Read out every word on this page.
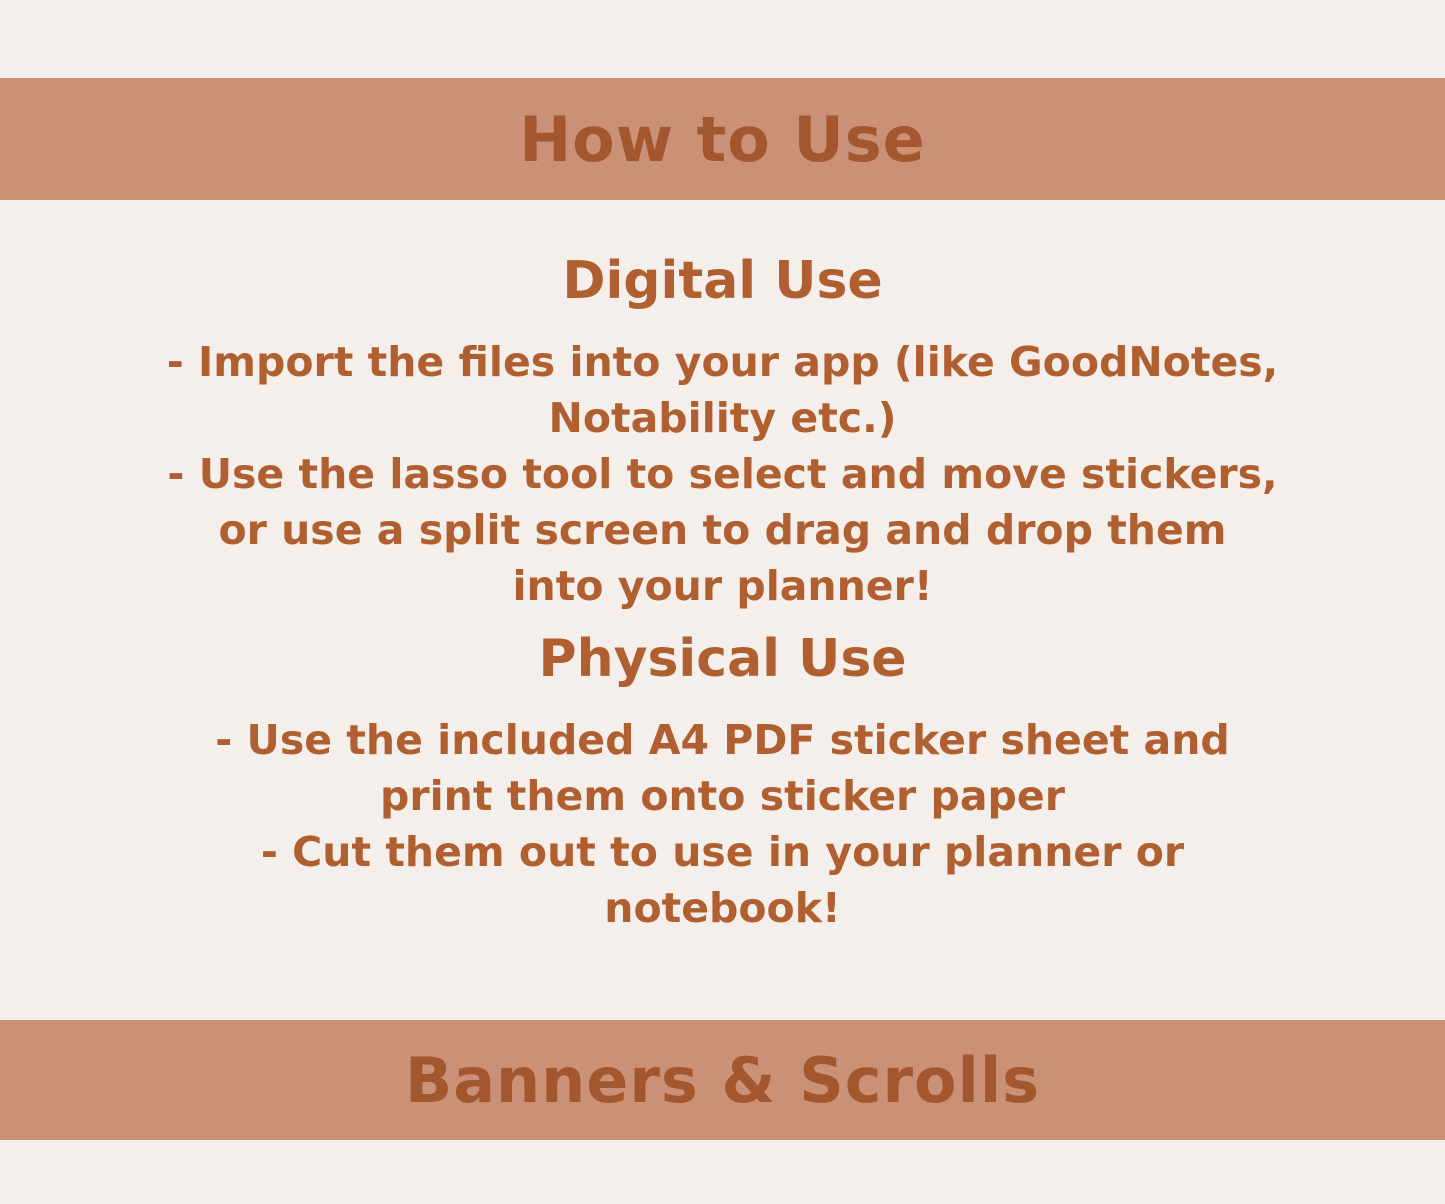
How to Use
Digital Use

- Import the files into your app (like GoodNotes,
Notability etc.)
- Use the lasso tool to select and move stickers,
or use a split screen to drag and drop them
into your planner!

Physical Use

- Use the included A4 PDF sticker sheet and
print them onto sticker paper
- Cut them out to use in your planner or
notebook!

Banners & Scrolls
